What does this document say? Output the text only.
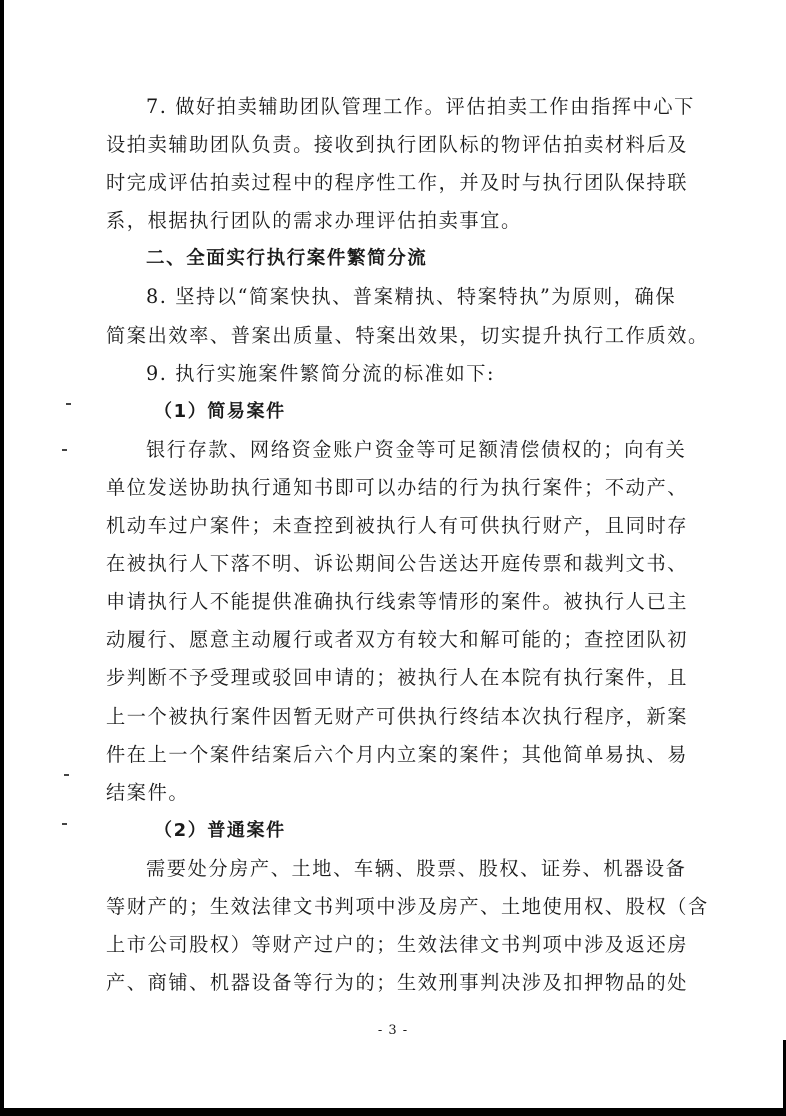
7. 做好拍卖辅助团队管理工作。评估拍卖工作由指挥中心下
设拍卖辅助团队负责。接收到执行团队标的物评估拍卖材料后及
时完成评估拍卖过程中的程序性工作，并及时与执行团队保持联
系，根据执行团队的需求办理评估拍卖事宜。
二、全面实行执行案件繁简分流
8. 坚持以“简案快执、普案精执、特案特执”为原则，确保
简案出效率、普案出质量、特案出效果，切实提升执行工作质效。
9. 执行实施案件繁简分流的标准如下:
（1）简易案件
银行存款、网络资金账户资金等可足额清偿债权的；向有关
单位发送协助执行通知书即可以办结的行为执行案件；不动产、
机动车过户案件；未查控到被执行人有可供执行财产，且同时存
在被执行人下落不明、诉讼期间公告送达开庭传票和裁判文书、
申请执行人不能提供准确执行线索等情形的案件。被执行人已主
动履行、愿意主动履行或者双方有较大和解可能的；查控团队初
步判断不予受理或驳回申请的；被执行人在本院有执行案件，且
上一个被执行案件因暂无财产可供执行终结本次执行程序，新案
件在上一个案件结案后六个月内立案的案件；其他简单易执、易
结案件。
（2）普通案件
需要处分房产、土地、车辆、股票、股权、证券、机器设备
等财产的；生效法律文书判项中涉及房产、土地使用权、股权（含
上市公司股权）等财产过户的；生效法律文书判项中涉及返还房
产、商铺、机器设备等行为的；生效刑事判决涉及扣押物品的处
- 3 -
